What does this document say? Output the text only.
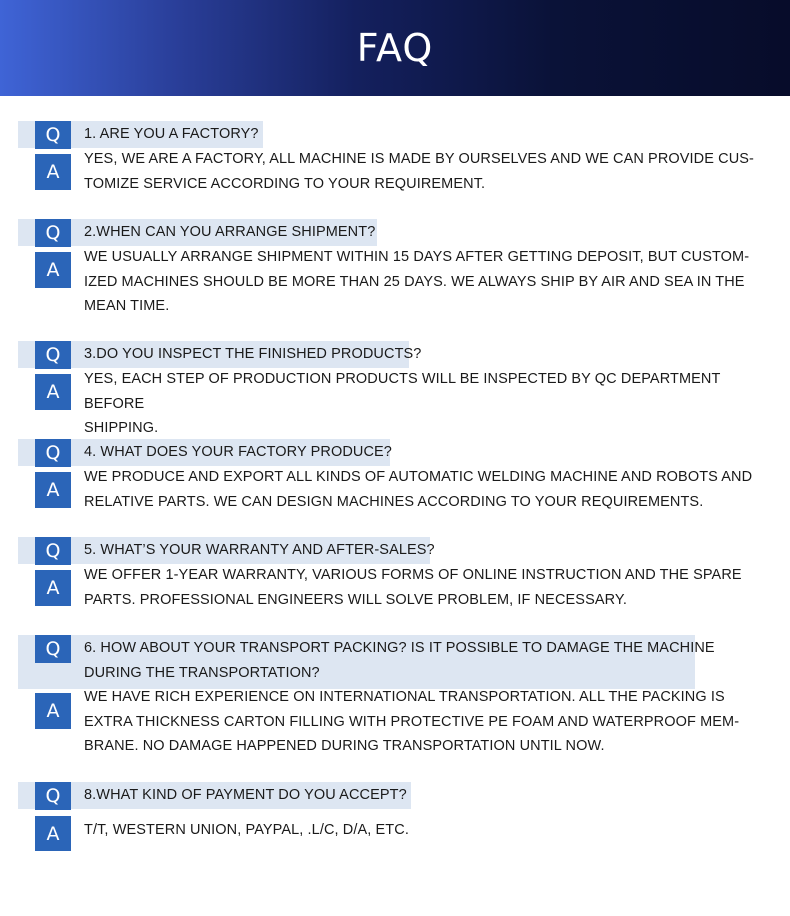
FAQ
Q
A
1. ARE YOU A FACTORY?
YES, WE ARE A FACTORY, ALL MACHINE IS MADE BY OURSELVES AND WE CAN PROVIDE CUS-
TOMIZE SERVICE ACCORDING TO YOUR REQUIREMENT.
Q
A
2.WHEN CAN YOU ARRANGE SHIPMENT?
WE USUALLY ARRANGE SHIPMENT WITHIN 15 DAYS AFTER GETTING DEPOSIT, BUT CUSTOM-
IZED MACHINES SHOULD BE MORE THAN 25 DAYS. WE ALWAYS SHIP BY AIR AND SEA IN THE
MEAN TIME.
Q
A
3.DO YOU INSPECT THE FINISHED PRODUCTS?
YES, EACH STEP OF PRODUCTION PRODUCTS WILL BE INSPECTED BY QC DEPARTMENT BEFORE
SHIPPING.
Q
A
4. WHAT DOES YOUR FACTORY PRODUCE?
WE PRODUCE AND EXPORT ALL KINDS OF AUTOMATIC WELDING MACHINE AND ROBOTS AND
RELATIVE PARTS. WE CAN DESIGN MACHINES ACCORDING TO YOUR REQUIREMENTS.
Q
A
5. WHAT’S YOUR WARRANTY AND AFTER-SALES?
WE OFFER 1-YEAR WARRANTY, VARIOUS FORMS OF ONLINE INSTRUCTION AND THE SPARE
PARTS. PROFESSIONAL ENGINEERS WILL SOLVE PROBLEM, IF NECESSARY.
Q
A
6. HOW ABOUT YOUR TRANSPORT PACKING? IS IT POSSIBLE TO DAMAGE THE MACHINE
DURING THE TRANSPORTATION?
WE HAVE RICH EXPERIENCE ON INTERNATIONAL TRANSPORTATION. ALL THE PACKING IS
EXTRA THICKNESS CARTON FILLING WITH PROTECTIVE PE FOAM AND WATERPROOF MEM-
BRANE. NO DAMAGE HAPPENED DURING TRANSPORTATION UNTIL NOW.
Q
A
8.WHAT KIND OF PAYMENT DO YOU ACCEPT?
T/T, WESTERN UNION, PAYPAL, .L/C, D/A, ETC.
